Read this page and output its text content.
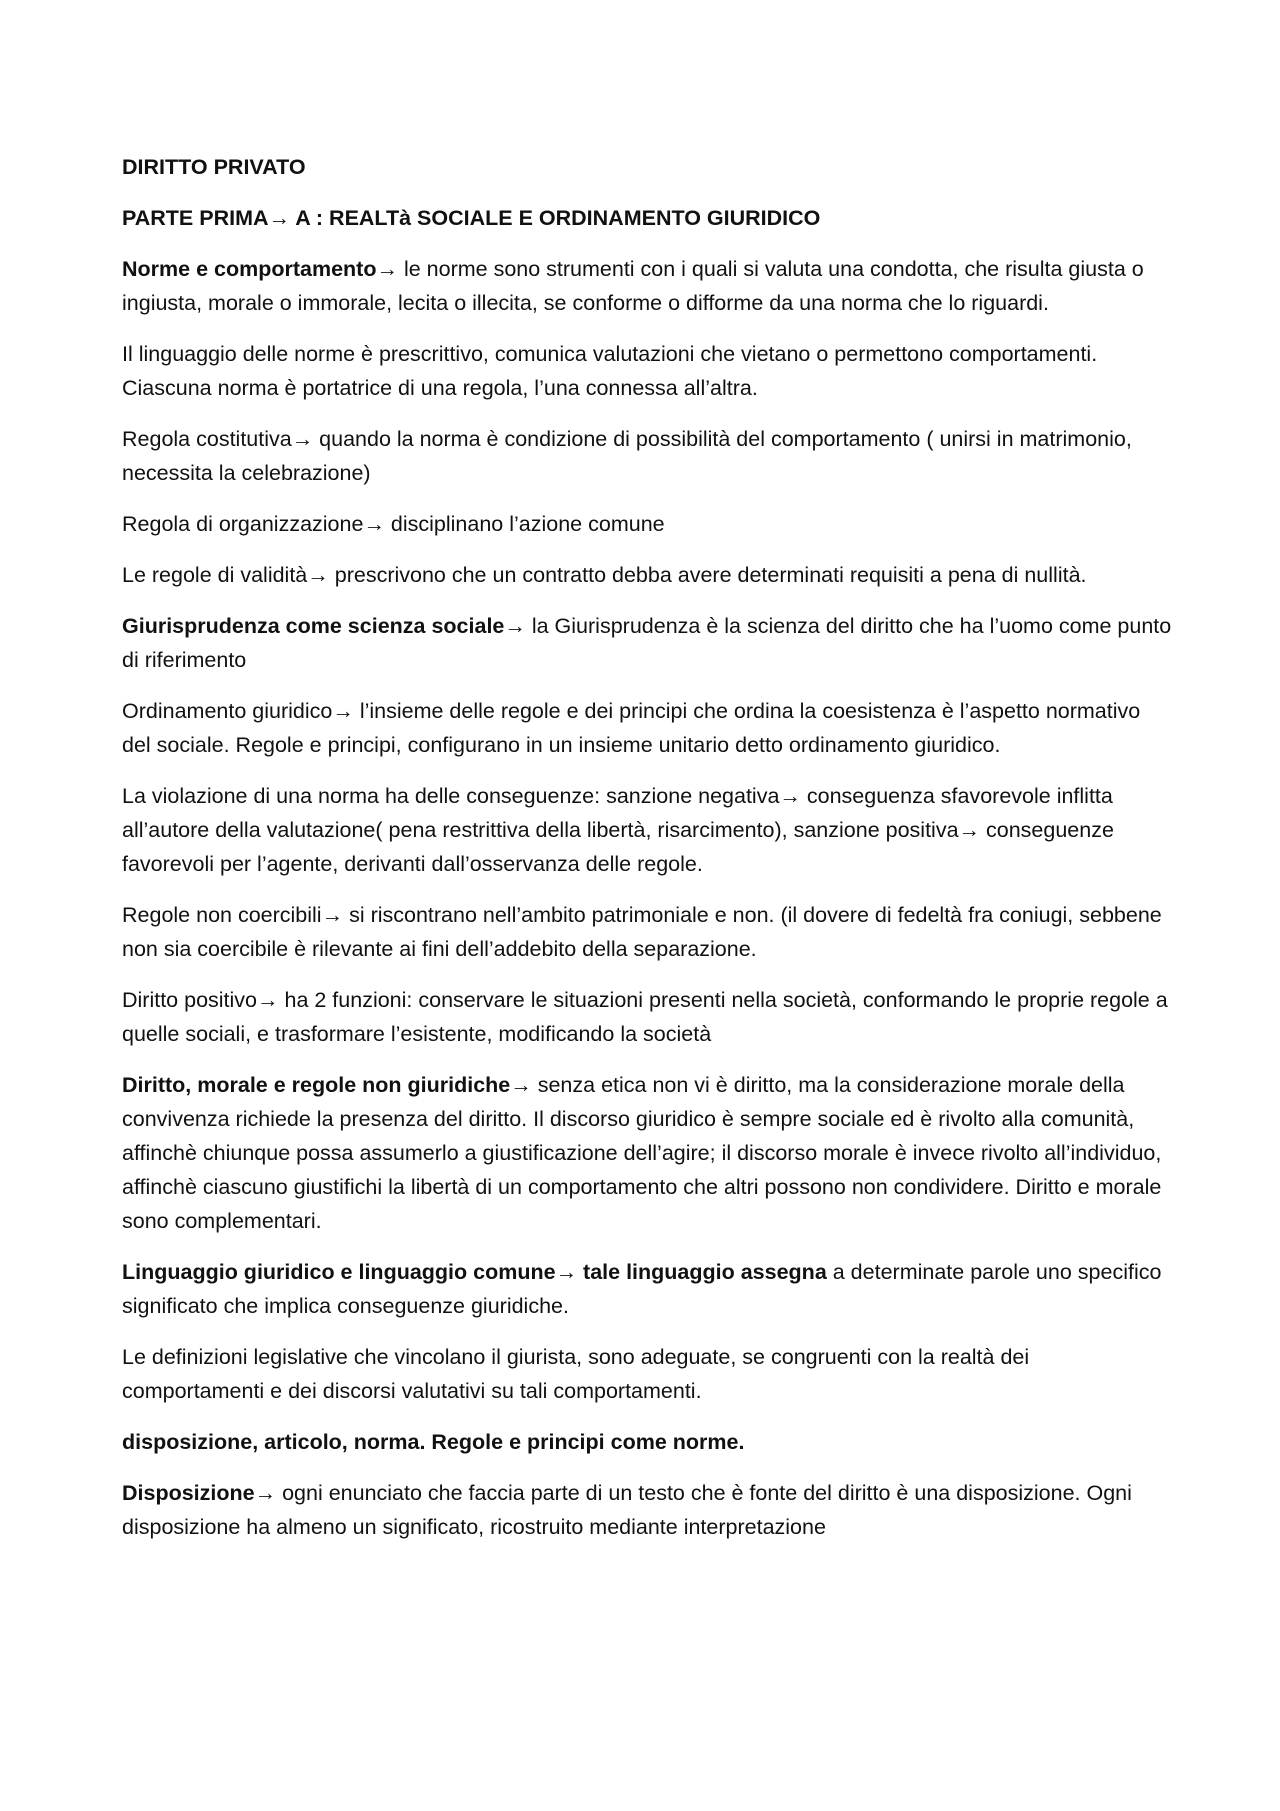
DIRITTO PRIVATO

PARTE PRIMA→ A : REALTà SOCIALE E ORDINAMENTO GIURIDICO

Norme e comportamento→ le norme sono strumenti con i quali si valuta una condotta, che risulta giusta o ingiusta, morale o immorale, lecita o illecita, se conforme o difforme da una norma che lo riguardi.

Il linguaggio delle norme è prescrittivo, comunica valutazioni che vietano o permettono comportamenti. Ciascuna norma è portatrice di una regola, l’una connessa all’altra.

Regola costitutiva→ quando la norma è condizione di possibilità del comportamento ( unirsi in matrimonio, necessita la celebrazione)

Regola di organizzazione→ disciplinano l’azione comune

Le regole di validità→ prescrivono che un contratto debba avere determinati requisiti a pena di nullità.

Giurisprudenza come scienza sociale→ la Giurisprudenza è la scienza del diritto che ha l’uomo come punto di riferimento

Ordinamento giuridico→ l’insieme delle regole e dei principi che ordina la coesistenza è l’aspetto normativo del sociale. Regole e principi, configurano in un insieme unitario detto ordinamento giuridico.

La violazione di una norma ha delle conseguenze: sanzione negativa→ conseguenza sfavorevole inflitta all’autore della valutazione( pena restrittiva della libertà, risarcimento), sanzione positiva→ conseguenze favorevoli per l’agente, derivanti dall’osservanza delle regole.

Regole non coercibili→ si riscontrano nell’ambito patrimoniale e non. (il dovere di fedeltà fra coniugi, sebbene non sia coercibile è rilevante ai fini dell’addebito della separazione.

Diritto positivo→ ha 2 funzioni: conservare le situazioni presenti nella società, conformando le proprie regole a quelle sociali, e trasformare l’esistente, modificando la società

Diritto, morale e regole non giuridiche→ senza etica non vi è diritto, ma la considerazione morale della convivenza richiede la presenza del diritto. Il discorso giuridico è sempre sociale ed è rivolto alla comunità, affinchè chiunque possa assumerlo a giustificazione dell’agire; il discorso morale è invece rivolto all’individuo, affinchè ciascuno giustifichi la libertà di un comportamento che altri possono non condividere. Diritto e morale sono complementari.

Linguaggio giuridico e linguaggio comune→ tale linguaggio assegna a determinate parole uno specifico significato che implica conseguenze giuridiche.

Le definizioni legislative che vincolano il giurista, sono adeguate, se congruenti con la realtà dei comportamenti e dei discorsi valutativi su tali comportamenti.

disposizione, articolo, norma. Regole e principi come norme.

Disposizione→ ogni enunciato che faccia parte di un testo che è fonte del diritto è una disposizione. Ogni disposizione ha almeno un significato, ricostruito mediante interpretazione
